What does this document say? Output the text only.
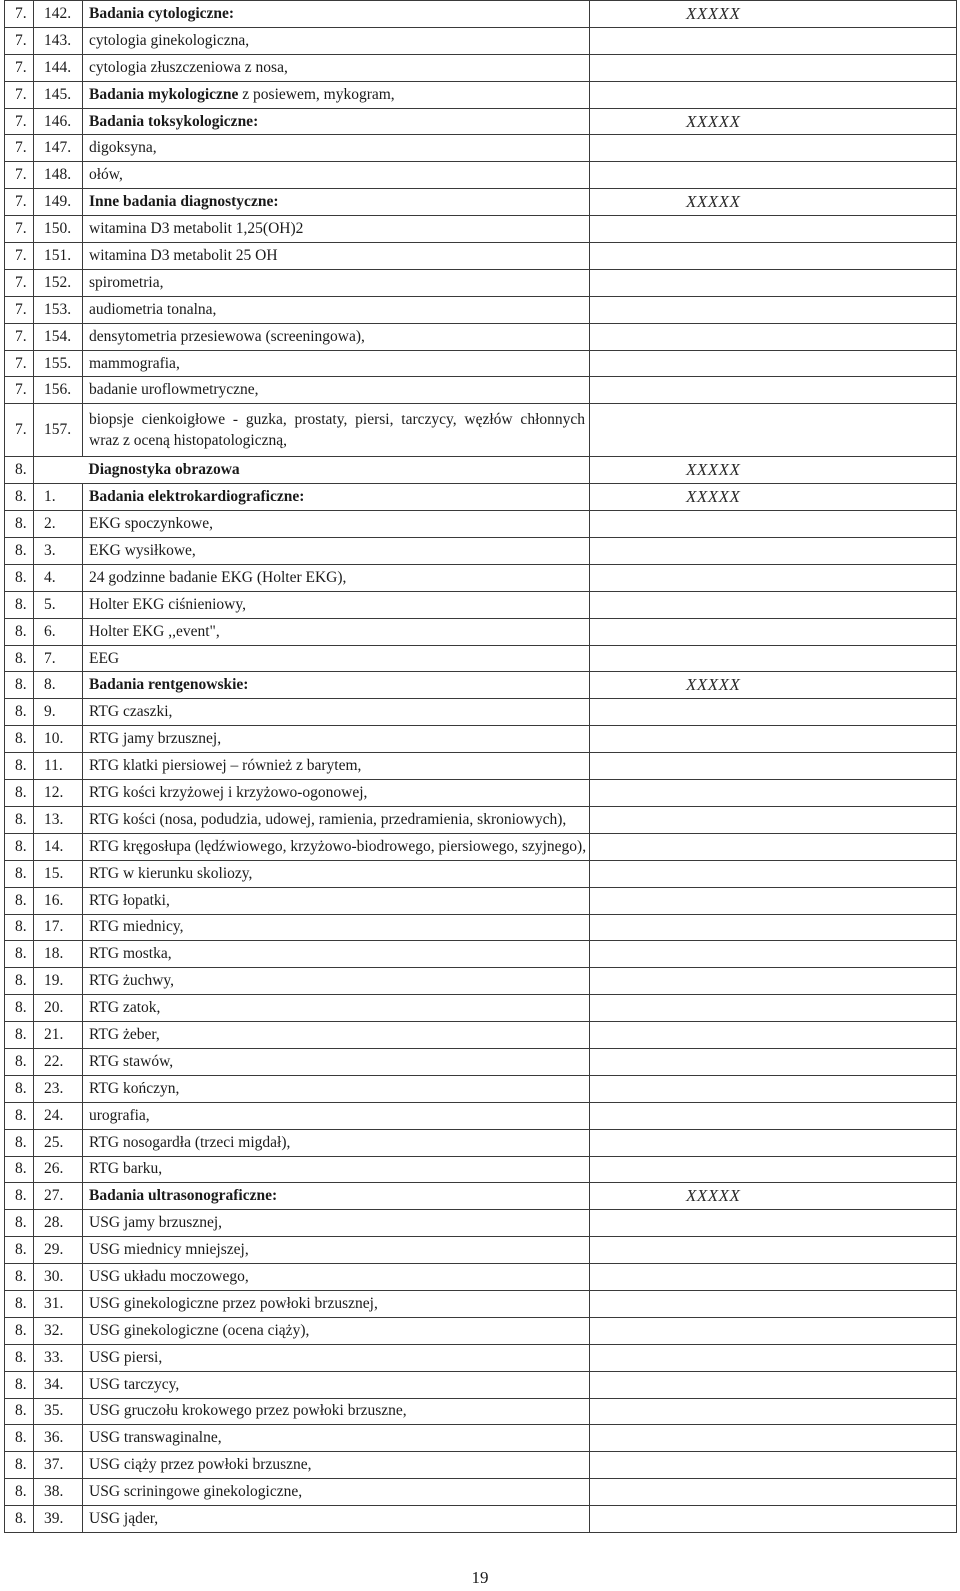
7.	142.	Badania cytologiczne:	XXXXX
7.	143.	cytologia ginekologiczna,	
7.	144.	cytologia złuszczeniowa z nosa,	
7.	145.	Badania mykologiczne z posiewem, mykogram,	
7.	146.	Badania toksykologiczne:	XXXXX
7.	147.	digoksyna,	
7.	148.	ołów,	
7.	149.	Inne badania diagnostyczne:	XXXXX
7.	150.	witamina D3 metabolit 1,25(OH)2	
7.	151.	witamina D3 metabolit 25 OH	
7.	152.	spirometria,	
7.	153.	audiometria tonalna,	
7.	154.	densytometria przesiewowa (screeningowa),	
7.	155.	mammografia,	
7.	156.	badanie uroflowmetryczne,	
7.	157.	biopsje cienkoigłowe - guzka, prostaty, piersi, tarczycy, węzłów chłonnych wraz z oceną histopatologiczną,	
8.		Diagnostyka obrazowa	XXXXX
8.	1.	Badania elektrokardiograficzne:	XXXXX
8.	2.	EKG spoczynkowe,	
8.	3.	EKG wysiłkowe,	
8.	4.	24 godzinne badanie EKG (Holter EKG),	
8.	5.	Holter EKG ciśnieniowy,	
8.	6.	Holter EKG ,,event",	
8.	7.	EEG	
8.	8.	Badania rentgenowskie:	XXXXX
8.	9.	RTG czaszki,	
8.	10.	RTG jamy brzusznej,	
8.	11.	RTG klatki piersiowej – również z barytem,	
8.	12.	RTG kości krzyżowej i krzyżowo-ogonowej,	
8.	13.	RTG kości (nosa, podudzia, udowej, ramienia, przedramienia, skroniowych),	
8.	14.	RTG kręgosłupa (lędźwiowego, krzyżowo-biodrowego, piersiowego, szyjnego),	
8.	15.	RTG w kierunku skoliozy,	
8.	16.	RTG łopatki,	
8.	17.	RTG miednicy,	
8.	18.	RTG mostka,	
8.	19.	RTG żuchwy,	
8.	20.	RTG zatok,	
8.	21.	RTG żeber,	
8.	22.	RTG stawów,	
8.	23.	RTG kończyn,	
8.	24.	urografia,	
8.	25.	RTG nosogardła (trzeci migdał),	
8.	26.	RTG barku,	
8.	27.	Badania ultrasonograficzne:	XXXXX
8.	28.	USG jamy brzusznej,	
8.	29.	USG miednicy mniejszej,	
8.	30.	USG układu moczowego,	
8.	31.	USG ginekologiczne przez powłoki brzusznej,	
8.	32.	USG ginekologiczne (ocena ciąży),	
8.	33.	USG piersi,	
8.	34.	USG tarczycy,	
8.	35.	USG gruczołu krokowego przez powłoki brzuszne,	
8.	36.	USG transwaginalne,	
8.	37.	USG ciąży przez powłoki brzuszne,	
8.	38.	USG scriningowe ginekologiczne,	
8.	39.	USG jąder,	
19
